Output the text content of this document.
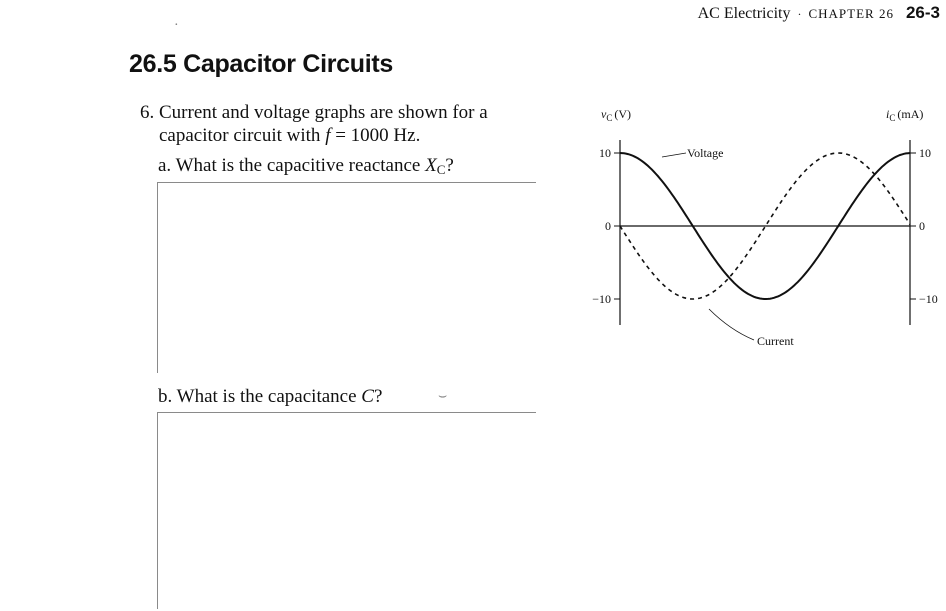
AC Electricity · CHAPTER 26 26-3
26.5 Capacitor Circuits
6. Current and voltage graphs are shown for a
capacitor circuit with f = 1000 Hz.
a. What is the capacitive reactance $X_C$?
b. What is the capacitance C?
$v_C$ (V)	$i_C$ (mA)
10
0
−10
10
0
−10
Voltage
Current
·
⌣
